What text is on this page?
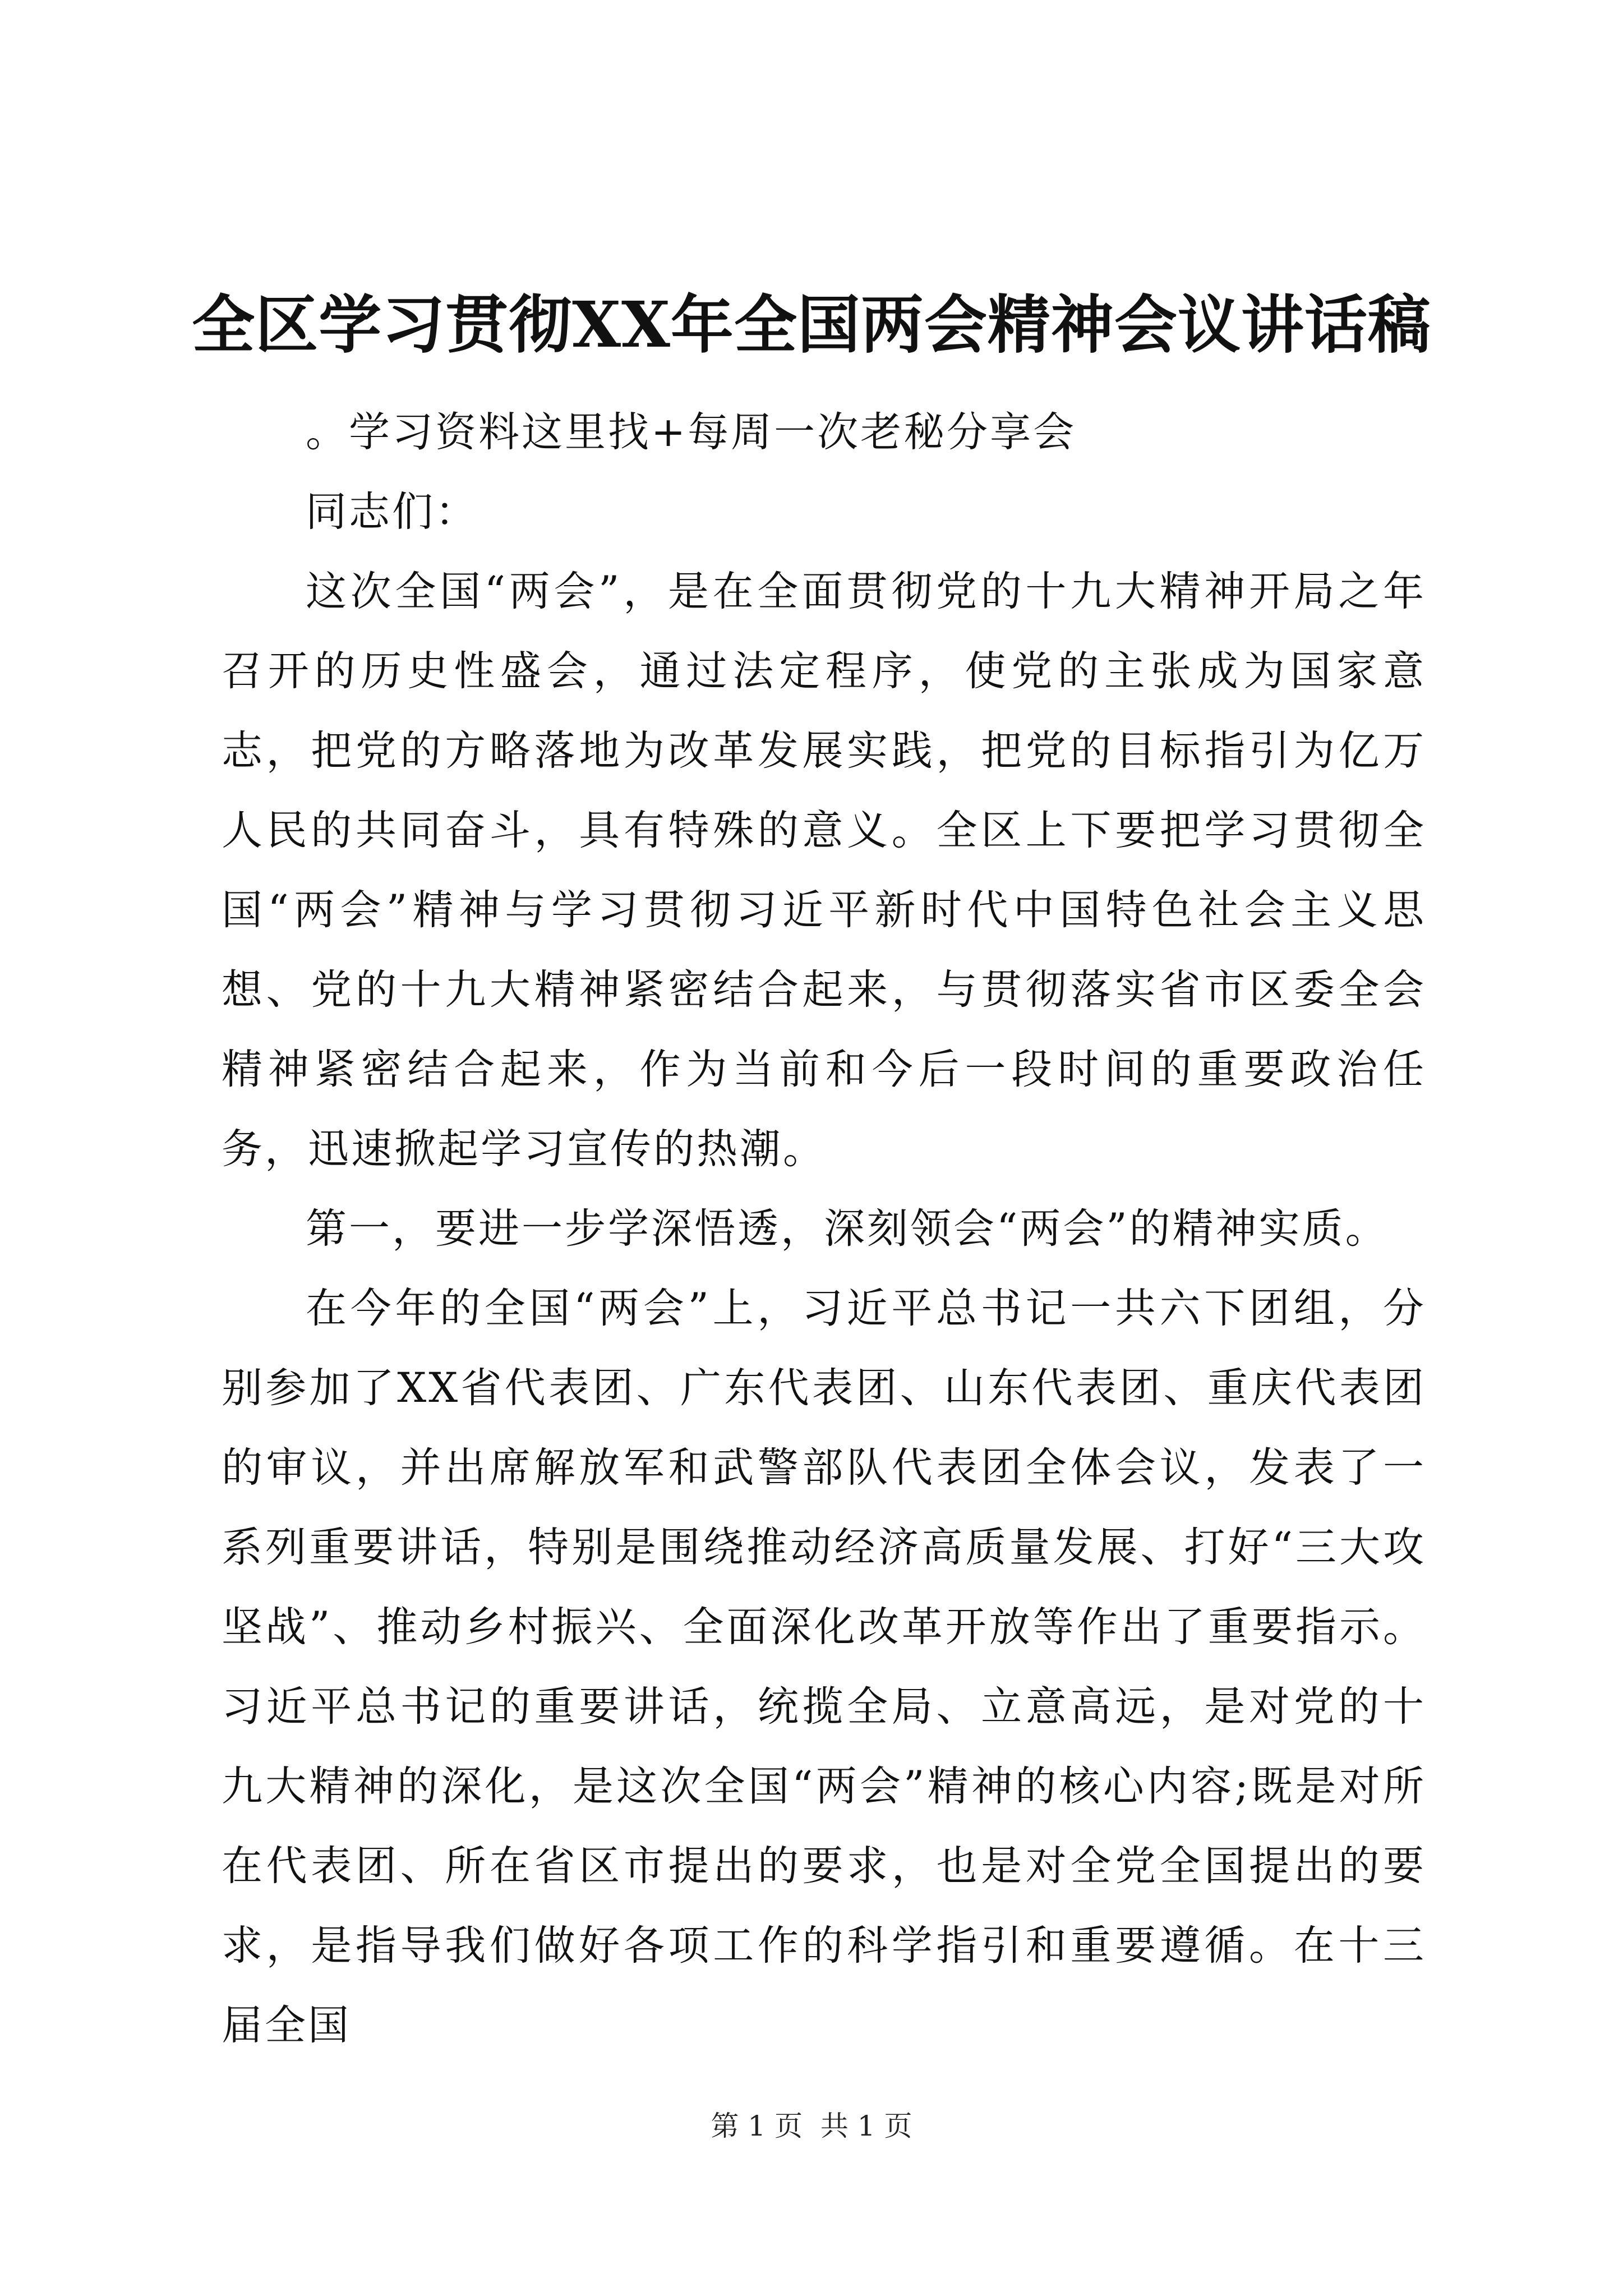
全区学习贯彻XX年全国两会精神会议讲话稿

。学习资料这里找+每周一次老秘分享会

同志们：

这次全国“两会”，是在全面贯彻党的十九大精神开局之年召开的历史性盛会，通过法定程序，使党的主张成为国家意志，把党的方略落地为改革发展实践，把党的目标指引为亿万人民的共同奋斗，具有特殊的意义。全区上下要把学习贯彻全国“两会”精神与学习贯彻习近平新时代中国特色社会主义思想、党的十九大精神紧密结合起来，与贯彻落实省市区委全会精神紧密结合起来，作为当前和今后一段时间的重要政治任务，迅速掀起学习宣传的热潮。

第一，要进一步学深悟透，深刻领会“两会”的精神实质。

在今年的全国“两会”上，习近平总书记一共六下团组，分别参加了XX省代表团、广东代表团、山东代表团、重庆代表团的审议，并出席解放军和武警部队代表团全体会议，发表了一系列重要讲话，特别是围绕推动经济高质量发展、打好“三大攻坚战”、推动乡村振兴、全面深化改革开放等作出了重要指示。习近平总书记的重要讲话，统揽全局、立意高远，是对党的十九大精神的深化，是这次全国“两会”精神的核心内容;既是对所在代表团、所在省区市提出的要求，也是对全党全国提出的要求，是指导我们做好各项工作的科学指引和重要遵循。在十三届全国

第 1 页  共 1 页
